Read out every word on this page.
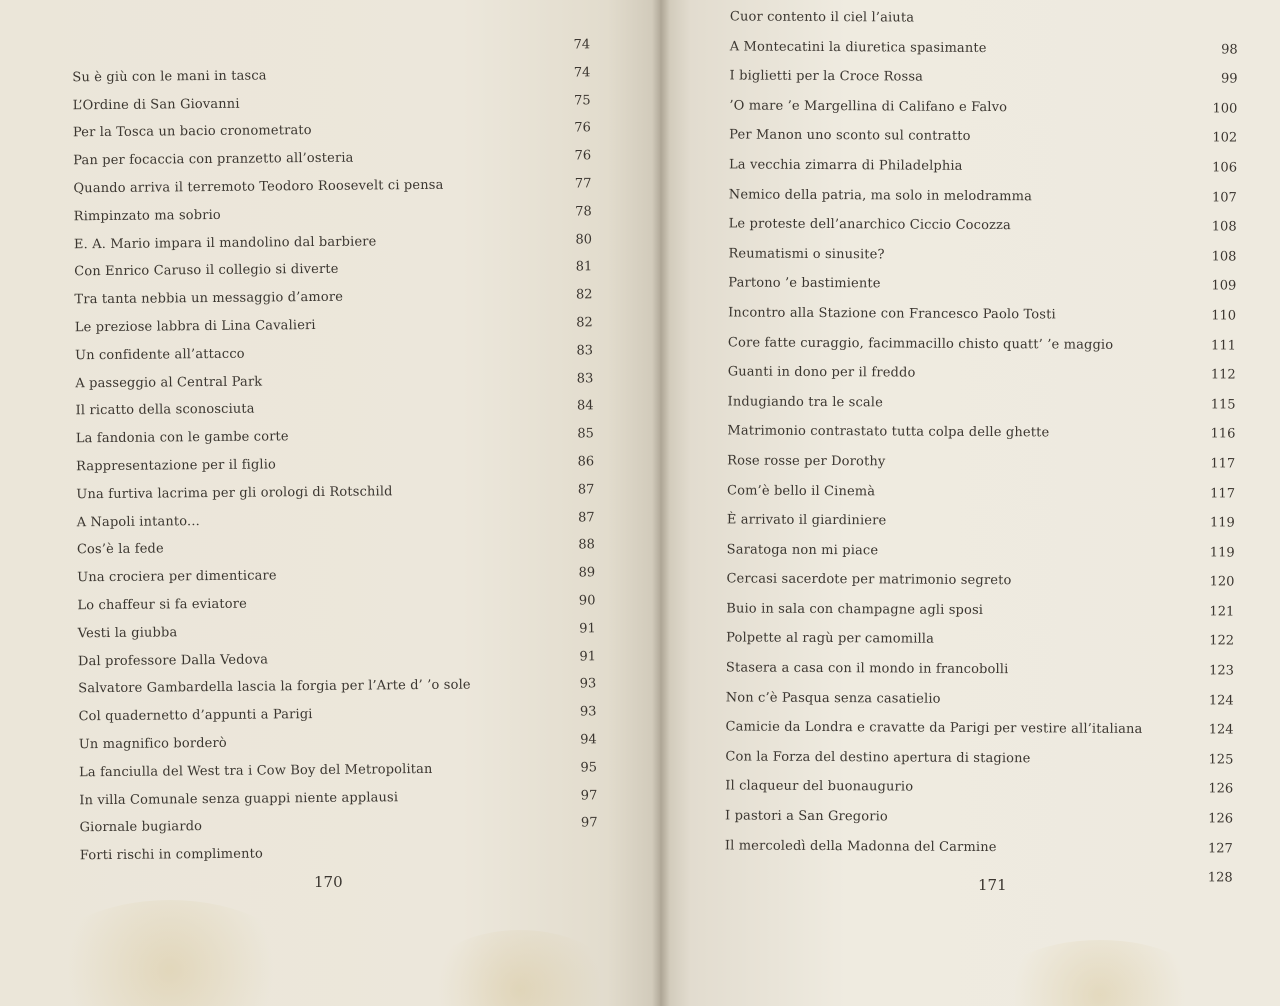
74
Su è giù con le mani in tasca	74
L’Ordine di San Giovanni	75
Per la Tosca un bacio cronometrato	76
Pan per focaccia con pranzetto all’osteria	76
Quando arriva il terremoto Teodoro Roosevelt ci pensa	77
Rimpinzato ma sobrio	78
E. A. Mario impara il mandolino dal barbiere	80
Con Enrico Caruso il collegio si diverte	81
Tra tanta nebbia un messaggio d’amore	82
Le preziose labbra di Lina Cavalieri	82
Un confidente all’attacco	83
A passeggio al Central Park	83
Il ricatto della sconosciuta	84
La fandonia con le gambe corte	85
Rappresentazione per il figlio	86
Una furtiva lacrima per gli orologi di Rotschild	87
A Napoli intanto...	87
Cos’è la fede	88
Una crociera per dimenticare	89
Lo chaffeur si fa eviatore	90
Vesti la giubba	91
Dal professore Dalla Vedova	91
Salvatore Gambardella lascia la forgia per l’Arte d’ ’o sole	93
Col quadernetto d’appunti a Parigi	93
Un magnifico borderò	94
La fanciulla del West tra i Cow Boy del Metropolitan	95
In villa Comunale senza guappi niente applausi	97
Giornale bugiardo	97
Forti rischi in complimento
170
Cuor contento il ciel l’aiuta
A Montecatini la diuretica spasimante	98
I biglietti per la Croce Rossa	99
’O mare ’e Margellina di Califano e Falvo	100
Per Manon uno sconto sul contratto	102
La vecchia zimarra di Philadelphia	106
Nemico della patria, ma solo in melodramma	107
Le proteste dell’anarchico Ciccio Cocozza	108
Reumatismi o sinusite?	108
Partono ’e bastimiente	109
Incontro alla Stazione con Francesco Paolo Tosti	110
Core fatte curaggio, facimmacillo chisto quatt’ ’e maggio	111
Guanti in dono per il freddo	112
Indugiando tra le scale	115
Matrimonio contrastato tutta colpa delle ghette	116
Rose rosse per Dorothy	117
Com’è bello il Cinemà	117
È arrivato il giardiniere	119
Saratoga non mi piace	119
Cercasi sacerdote per matrimonio segreto	120
Buio in sala con champagne agli sposi	121
Polpette al ragù per camomilla	122
Stasera a casa con il mondo in francobolli	123
Non c’è Pasqua senza casatielio	124
Camicie da Londra e cravatte da Parigi per vestire all’italiana	124
Con la Forza del destino apertura di stagione	125
Il claqueur del buonaugurio	126
I pastori a San Gregorio	126
Il mercoledì della Madonna del Carmine	127
128
171
